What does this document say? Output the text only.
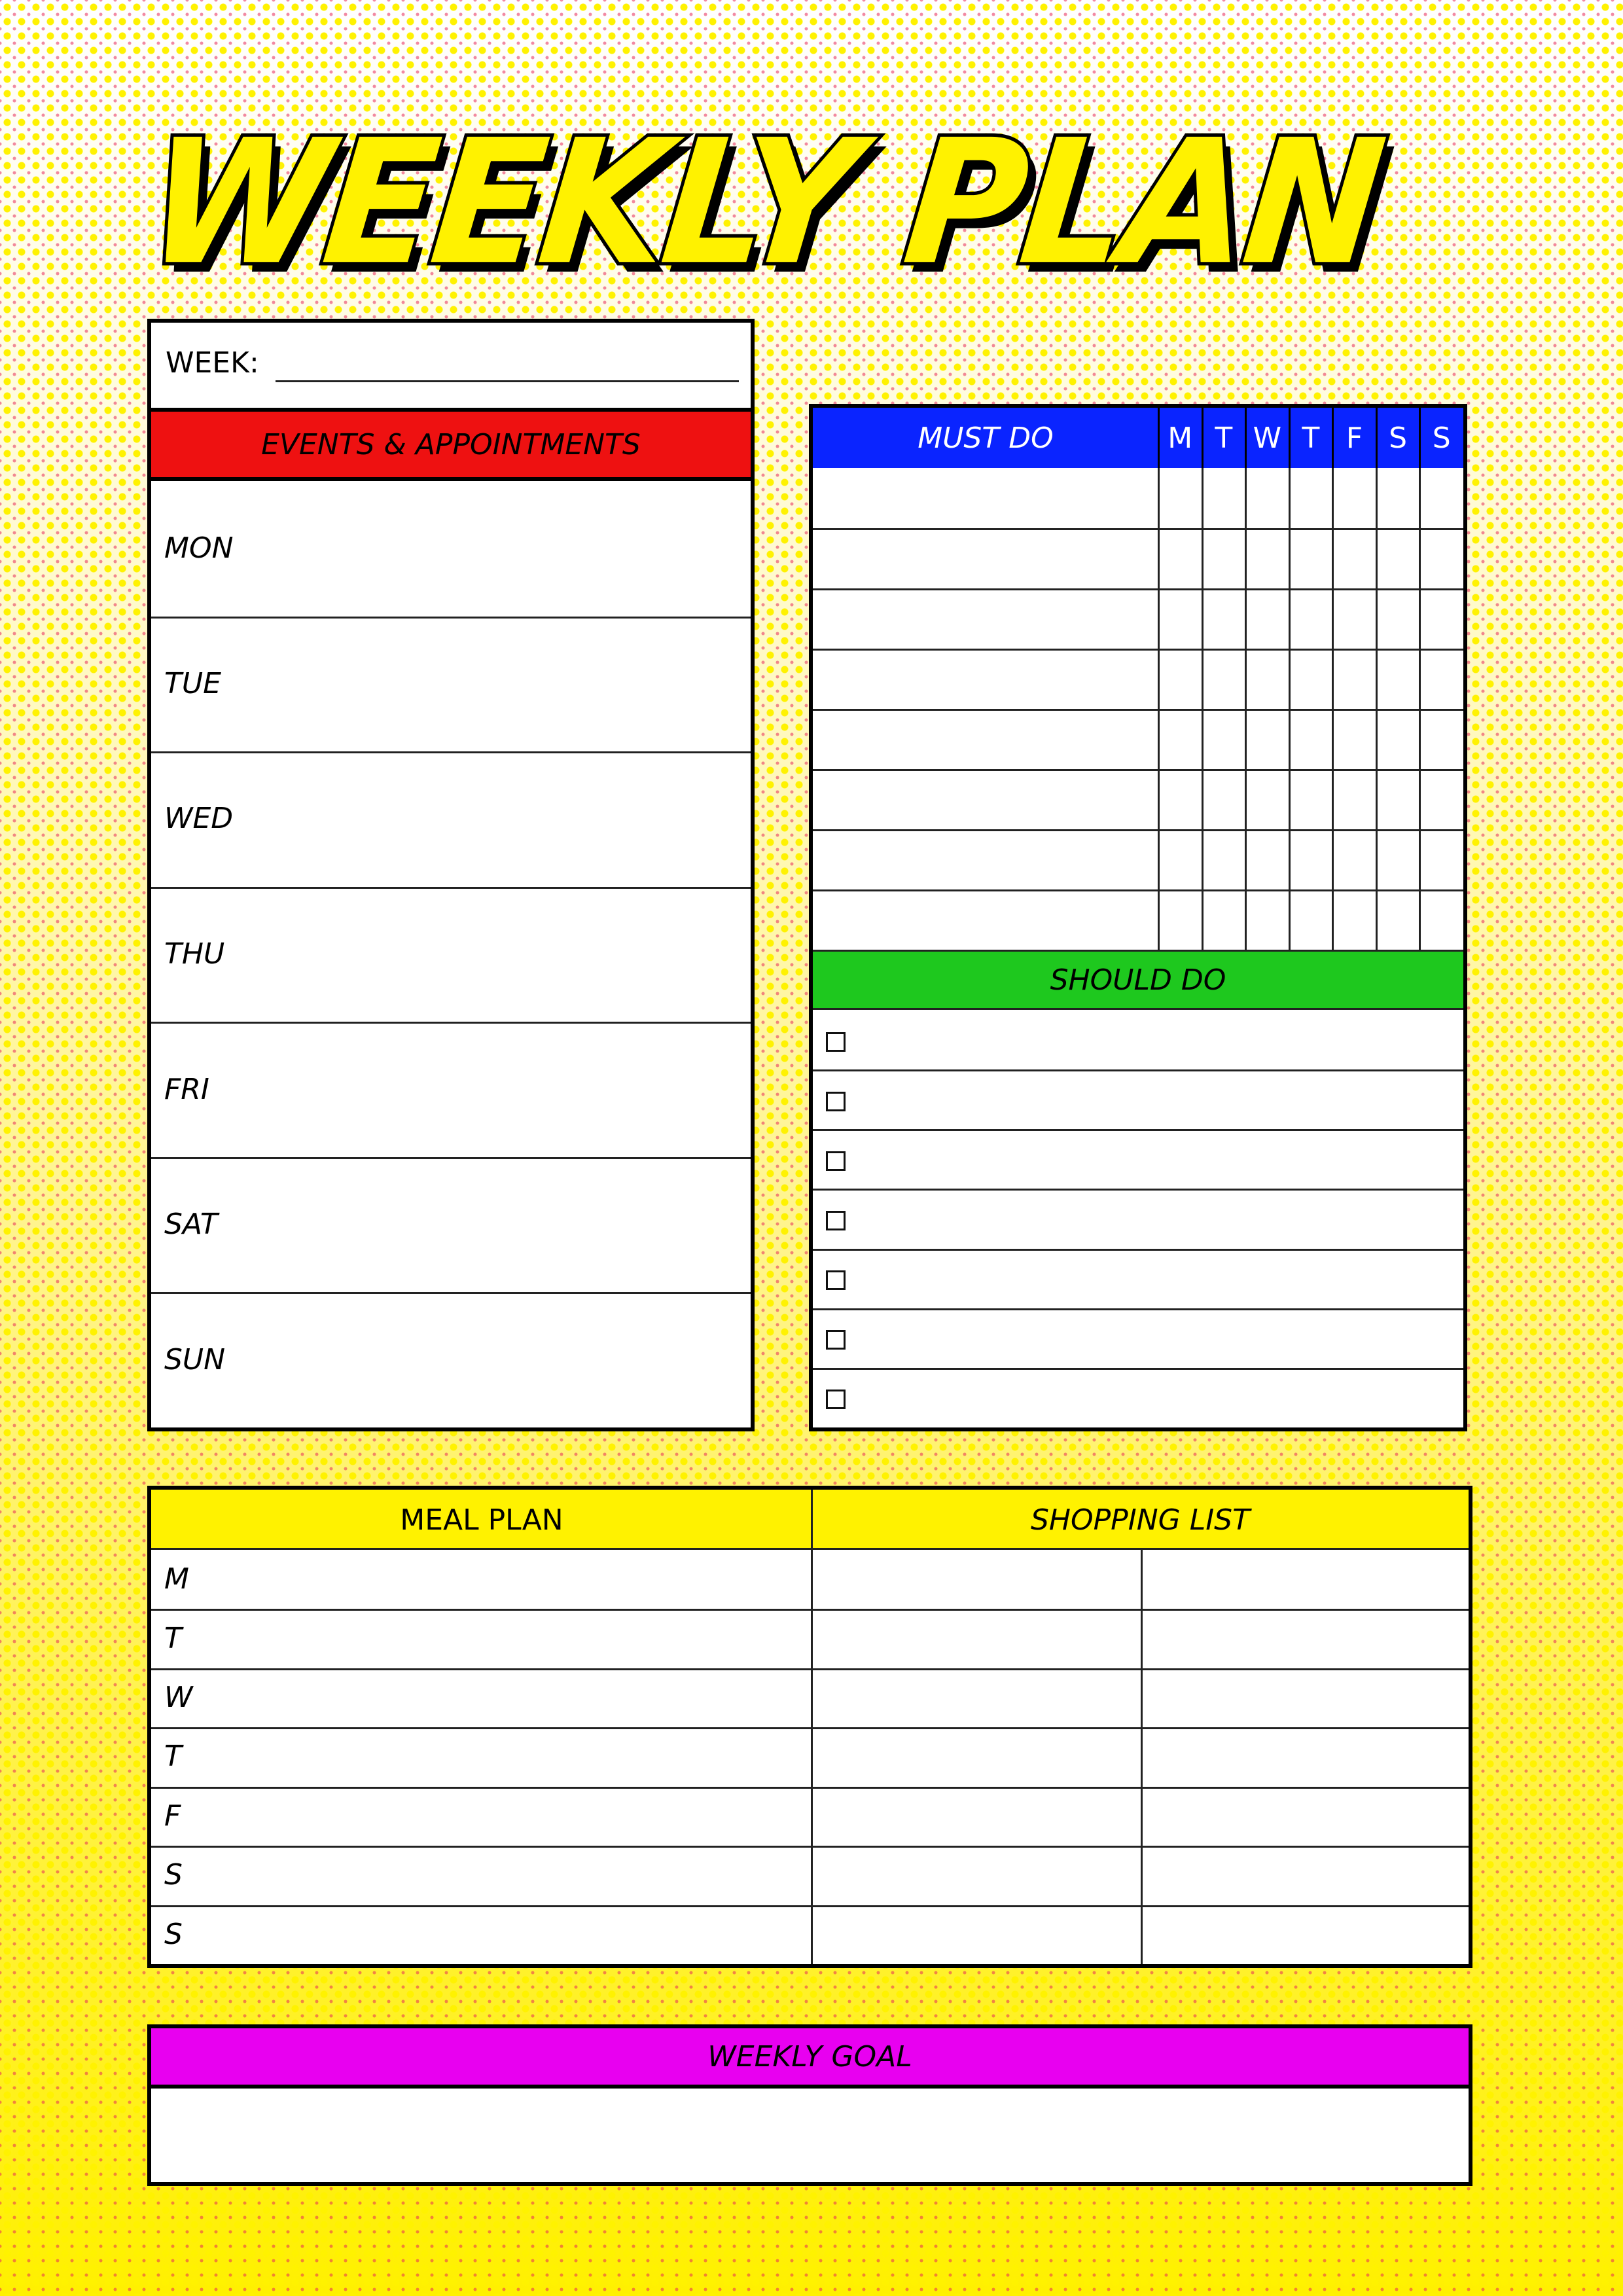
WEEKLY PLAN
WEEK:
EVENTS & APPOINTMENTS
MON
TUE
WED
THU
FRI
SAT
SUN
MUST DO	M T W T F S S
SHOULD DO
MEAL PLAN	SHOPPING LIST
M
T
W
T
F
S
S
WEEKLY GOAL
